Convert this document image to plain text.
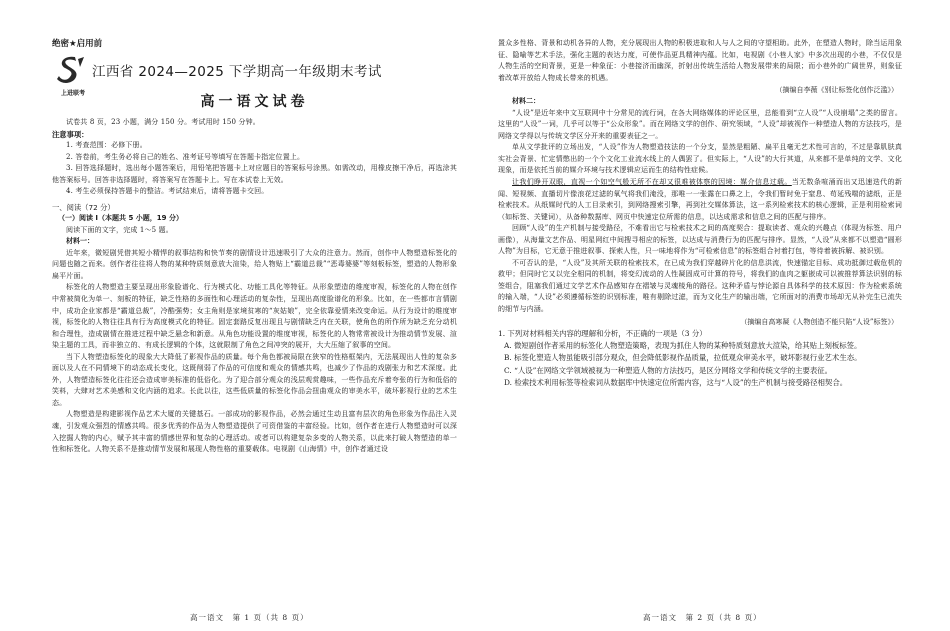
绝密★启用前
上进联考
江西省 2024—2025 下学期高一年级期末考试
高一语文试卷
试卷共 8 页，23 小题，满分 150 分。考试用时 150 分钟。
注意事项：
1. 考查范围：必修下册。
2. 答卷前，考生务必将自己的姓名、准考证号等填写在答题卡指定位置上。
3. 回答选择题时，选出每小题答案后，用铅笔把答题卡上对应题目的答案标号涂黑。如需改动，用橡皮擦干净后，再选涂其他答案标号。回答非选择题时，将答案写在答题卡上。写在本试卷上无效。
4. 考生必须保持答题卡的整洁。考试结束后，请将答题卡交回。
一、阅读（72 分）
（一）阅读 Ⅰ（本题共 5 小题，19 分）
阅读下面的文字，完成 1～5 题。
材料一：
近年来，微短剧凭借其短小精悍的叙事结构和快节奏的剧情设计迅速吸引了大众的注意力。然而，创作中人物塑造标签化的问题也随之而来。创作者往往将人物的某种特质刻意放大渲染，给人物贴上“霸道总裁”“恶毒婆婆”等刻板标签，塑造的人物形象扁平片面。
标签化的人物塑造主要呈现出形象脸谱化、行为模式化、功能工具化等特征。从形象塑造的维度审视，标签化的人物在创作中常被简化为单一、刻板的特征，缺乏性格的多面性和心理活动的复杂性，呈现出高度脸谱化的形象。比如，在一些都市言情剧中，成功企业家都是“霸道总裁”，冷酷强势；女主角则是家境贫寒的“灰姑娘”，完全依靠爱情来改变命运。从行为设计的维度审视，标签化的人物往往具有行为高度模式化的特征。固定套路反复出现且与剧情缺乏内在关联，使角色的所作所为缺乏充分动机和合理性，造成剧情在推进过程中缺乏悬念和新意。从角色功能设置的维度审视，标签化的人物常常被设计为推动情节发展、渲染主题的工具，而非独立的、有成长逻辑的个体，这就限制了角色之间冲突的展开，大大压缩了叙事的空间。
当下人物塑造标签化的现象大大降低了影视作品的质量。每个角色都被局限在狭窄的性格框架内，无法展现出人性的复杂多面以及人在不同情境下的动态成长变化，这既削弱了作品的可信度和观众的情感共鸣，也减少了作品的戏剧张力和艺术深度。此外，人物塑造标签化往往还会造成审美标准的低俗化。为了迎合部分观众的浅层观赏趣味，一些作品充斥着夸张的行为和低俗的笑料，大肆对艺术美感和文化内涵的追求。长此以往，这些低质量的标签化作品会扭曲观众的审美水平，破坏影视行业的艺术生态。
人物塑造是构建影视作品艺术大厦的关键基石。一部成功的影视作品，必然会通过生动且富有层次的角色形象为作品注入灵魂，引发观众强烈的情感共鸣。很多优秀的作品为人物塑造提供了可资借鉴的丰富经验。比如，创作者在进行人物塑造时可以深入挖掘人物的内心，赋予其丰富的情感世界和复杂的心理活动。或者可以构建复杂多变的人物关系，以此来打破人物塑造的单一性和标签化。人物关系不是推动情节发展和展现人物性格的重要载体。电视剧《山海情》中，创作者通过设
高一语文　第 1 页（共 8 页）
置众多性格、背景和动机各异的人物，充分展现出人物的积极进取和人与人之间的守望相助。此外，在塑造人物时，除当运用象征、隐喻等艺术手法，强化主题的表达力度，可使作品更具精神内蕴。比如，电视剧《小巷人家》中多次出现的小巷，不仅仅是人物生活的空间背景，更是一种象征：小巷接济而幽深，折射出传统生活给人物发展带来的局限；而小巷外的广阔世界，则象征着改革开放给人物成长带来的机遇。
（摘编自李薇《别让标签化创作泛滥》）
材料二：
“人设”是近年来中文互联网中十分常见的流行词，在各大网络媒体的评论区里，总能看到“立人设”“人设崩塌”之类的留言。这里的“人设”一词，几乎可以等于“公众形象”。而在网络文学的创作、研究领域，“人设”却被视作一种塑造人物的方法技巧，是网络文学得以与传统文学区分开来的重要表征之一。
单从文学批评的立场出发，“人设”作为人物塑造技法的一个分支，显然是粗陋、扁平且毫无艺术性可言的，不过是靠肌肤真实社会背景、忙定情憋出的一个个文化工业流水线上的人偶罢了。但实际上，“人设”的大行其道，从来都不是单纯的文学、文化现象，而是依托当前的媒介环境与技术逻辑应运而生的结构性症候。
让我们睁开双眼，直视一个如空气般无所不在却又很难被体察的因境：媒介信息过载。当无数条喧涌而出又迅速迭代的新闻、短视频、直播切片像浪花过滤的氧气将我们淹没，那唯一一张露在口鼻之上，令我们暂时免于窒息、苟延残喘的滤纸，正是检索技术。从纸媒时代的人工目录索引，到网络搜索引擎，再到社交媒体算法，这一系列检索技术的核心逻辑，正是利用检索词（如标签、关键词），从备种数据库、网页中快速定位所需的信息，以达成需求和信息之间的匹配与排序。
回顾“人设”的生产机制与接受路径，不难看出它与检索技术之间的高度契合：提取读者、观众的兴趣点（体现为标签、用户画像），从海量文艺作品、明星网红中间搜寻相应的标签，以达成与消费行为的匹配与排序。显然，“人设”从来都不以塑造“圆形人物”为目标，它无意于推进叙事、探索人性，只一味地将作为“可检索信息”的标签组合衬着打包，等待着被拆解、被识别。
不可否认的是，“人设”及其所关联的检索技术，在已成为我们穿越碎片化的信息洪流，快速锚定目标、成功抵御过载危机的救甲；但同时它又以完全相同的机制，将变幻流动的人性凝固成可计算的符号，将我们的血肉之躯嵌成可以被推荐算法识别的标签组合，阻塞我们通过文学艺术作品感知存在褶皱与灵魂棱角的路径。这种矛盾与悖论源自具体科学的技术原因：作为检索系统的输入端，“人设”必须遵循标签的识别标准，唯有剔除过滤，而为文化生产的输出端，它所面对的消费市场却无从补完生已流失的细节与内涵。
（摘编自高寒凝《人物创造不能只陷“人设”标签》）
1. 下列对材料相关内容的理解和分析，不正确的一项是（3 分）
A. 微短剧创作者采用的标签化人物塑造策略，表现为抓住人物的某种特质刻意放大渲染，给其贴上刻板标签。
B. 标签化塑造人物虽能吸引部分观众，但会降低影视作品质量，拉低观众审美水平，破坏影视行业艺术生态。
C. “人设”在网络文学领域被视为一种塑造人物的方法技巧，是区分网络文学和传统文学的主要表征。
D. 检索技术利用标签等检索词从数据库中快速定位所需内容，这与“人设”的生产机制与接受路径相契合。
高一语文　第 2 页（共 8 页）
